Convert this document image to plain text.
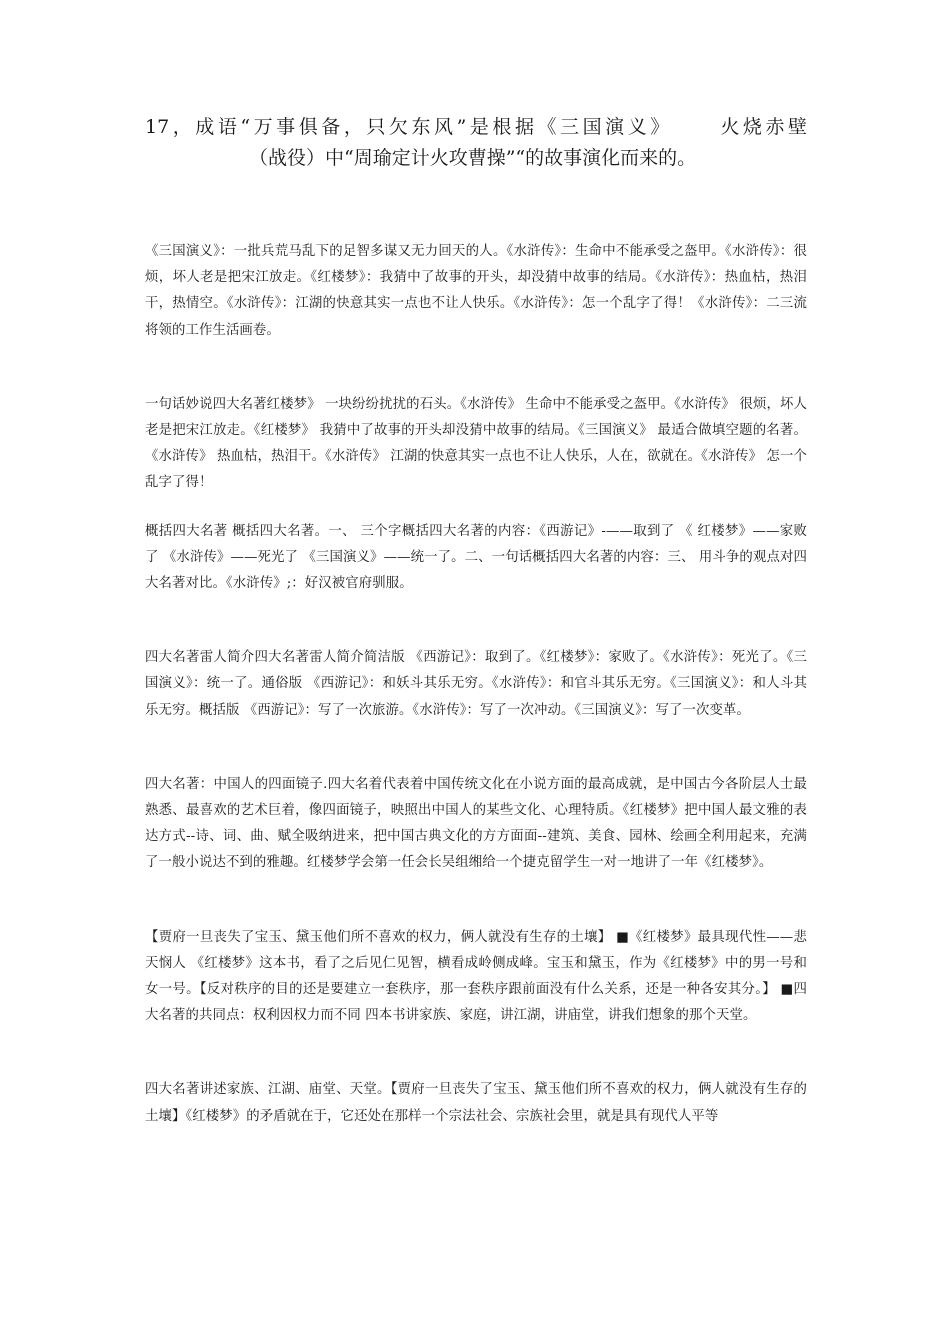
17，成语“万事俱备，只欠东风”是根据《三国演义》 火烧赤壁（战役）中“周瑜定计火攻曹操”“的故事演化而来的。

《三国演义》：一批兵荒马乱下的足智多谋又无力回天的人。《水浒传》：生命中不能承受之盔甲。《水浒传》：很烦，坏人老是把宋江放走。《红楼梦》：我猜中了故事的开头，却没猜中故事的结局。《水浒传》：热血枯，热泪干，热情空。《水浒传》：江湖的快意其实一点也不让人快乐。《水浒传》：怎一个乱字了得！《水浒传》：二三流将领的工作生活画卷。

一句话妙说四大名著红楼梦》 一块纷纷扰扰的石头。《水浒传》 生命中不能承受之盔甲。《水浒传》 很烦，坏人老是把宋江放走。《红楼梦》 我猜中了故事的开头却没猜中故事的结局。《三国演义》 最适合做填空题的名著。《水浒传》 热血枯，热泪干。《水浒传》 江湖的快意其实一点也不让人快乐，人在，欲就在。《水浒传》 怎一个乱字了得！

概括四大名著 概括四大名著。一、 三个字概括四大名著的内容：《西游记》-——取到了 《 红楼梦》——家败了 《水浒传》——死光了 《三国演义》——统一了。二、一句话概括四大名著的内容：三、 用斗争的观点对四大名著对比。《水浒传》;：好汉被官府驯服。

四大名著雷人简介四大名著雷人简介简洁版 《西游记》：取到了。《红楼梦》：家败了。《水浒传》：死光了。《三国演义》：统一了。通俗版 《西游记》：和妖斗其乐无穷。《水浒传》：和官斗其乐无穷。《三国演义》：和人斗其乐无穷。概括版 《西游记》：写了一次旅游。《水浒传》：写了一次冲动。《三国演义》：写了一次变革。

四大名著：中国人的四面镜子.四大名着代表着中国传统文化在小说方面的最高成就，是中国古今各阶层人士最熟悉、最喜欢的艺术巨着，像四面镜子，映照出中国人的某些文化、心理特质。《红楼梦》把中国人最文雅的表达方式--诗、词、曲、赋全吸纳进来，把中国古典文化的方方面面--建筑、美食、园林、绘画全利用起来，充满了一般小说达不到的雅趣。红楼梦学会第一任会长吴组缃给一个捷克留学生一对一地讲了一年《红楼梦》。

【贾府一旦丧失了宝玉、黛玉他们所不喜欢的权力，俩人就没有生存的土壤】 ■《红楼梦》最具现代性——悲天悯人 《红楼梦》这本书，看了之后见仁见智，横看成岭侧成峰。宝玉和黛玉，作为《红楼梦》中的男一号和女一号。【反对秩序的目的还是要建立一套秩序，那一套秩序跟前面没有什么关系，还是一种各安其分。】 ■四大名著的共同点：权利因权力而不同 四本书讲家族、家庭，讲江湖，讲庙堂，讲我们想象的那个天堂。

四大名著讲述家族、江湖、庙堂、天堂。【贾府一旦丧失了宝玉、黛玉他们所不喜欢的权力，俩人就没有生存的土壤】《红楼梦》的矛盾就在于，它还处在那样一个宗法社会、宗族社会里，就是具有现代人平等
